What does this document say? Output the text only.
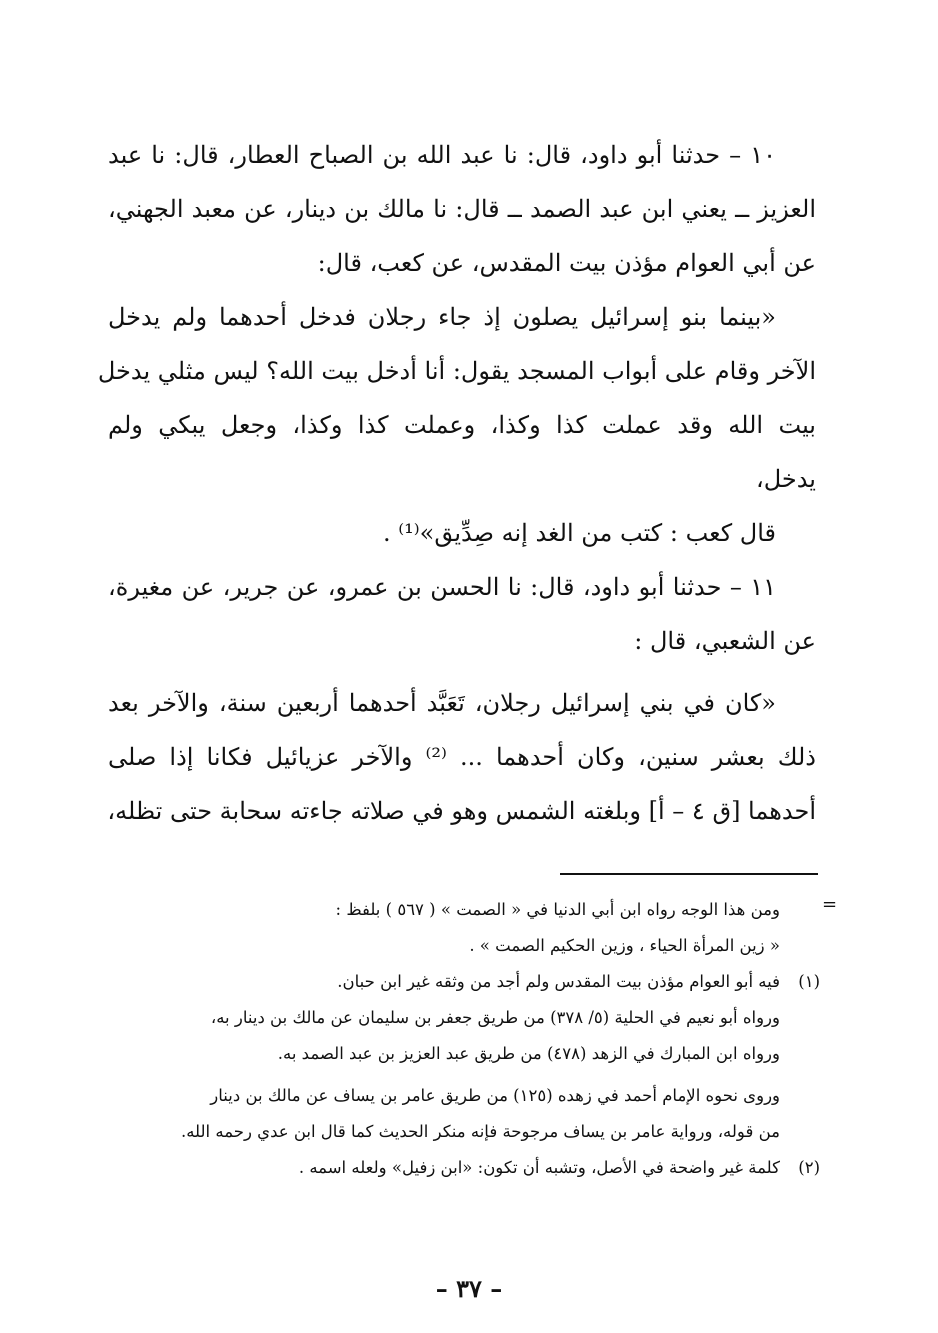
١٠ – حدثنا أبو داود، قال: نا عبد الله بن الصباح العطار، قال: نا عبد
العزيز ــ يعني ابن عبد الصمد ــ قال: نا مالك بن دينار، عن معبد الجهني،
عن أبي العوام مؤذن بيت المقدس، عن كعب، قال:
«بينما بنو إسرائيل يصلون إذ جاء رجلان فدخل أحدهما ولم يدخل
الآخر وقام على أبواب المسجد يقول: أنا أدخل بيت الله؟ ليس مثلي يدخل
بيت الله وقد عملت كذا وكذا، وعملت كذا وكذا، وجعل يبكي ولم
يدخل،
قال كعب : كتب من الغد إنه صِدِّيق»⁽¹⁾ .
١١ – حدثنا أبو داود، قال: نا الحسن بن عمرو، عن جرير، عن مغيرة،
عن الشعبي، قال :
«كان في بني إسرائيل رجلان، تَعَبَّد أحدهما أربعين سنة، والآخر بعد
ذلك بعشر سنين، وكان أحدهما ... ⁽²⁾ والآخر عزيائيل فكانا إذا صلى
أحدهما [ق ٤ – أ] وبلغته الشمس وهو في صلاته جاءته سحابة حتى تظله،
=
ومن هذا الوجه رواه ابن أبي الدنيا في « الصمت » ( ٥٦٧ ) بلفظ :
« زين المرأة الحياء ، وزين الحكيم الصمت » .
(١)فيه أبو العوام مؤذن بيت المقدس ولم أجد من وثقه غير ابن حبان.
ورواه أبو نعيم في الحلية (٥/ ٣٧٨) من طريق جعفر بن سليمان عن مالك بن دينار به،
ورواه ابن المبارك في الزهد (٤٧٨) من طريق عبد العزيز بن عبد الصمد به.
وروى نحوه الإمام أحمد في زهده (١٢٥) من طريق عامر بن يساف عن مالك بن دينار
من قوله، ورواية عامر بن يساف مرجوحة فإنه منكر الحديث كما قال ابن عدي رحمه الله.
(٢)كلمة غير واضحة في الأصل، وتشبه أن تكون: «ابن زفيل» ولعله اسمه .
– ٣٧ –
